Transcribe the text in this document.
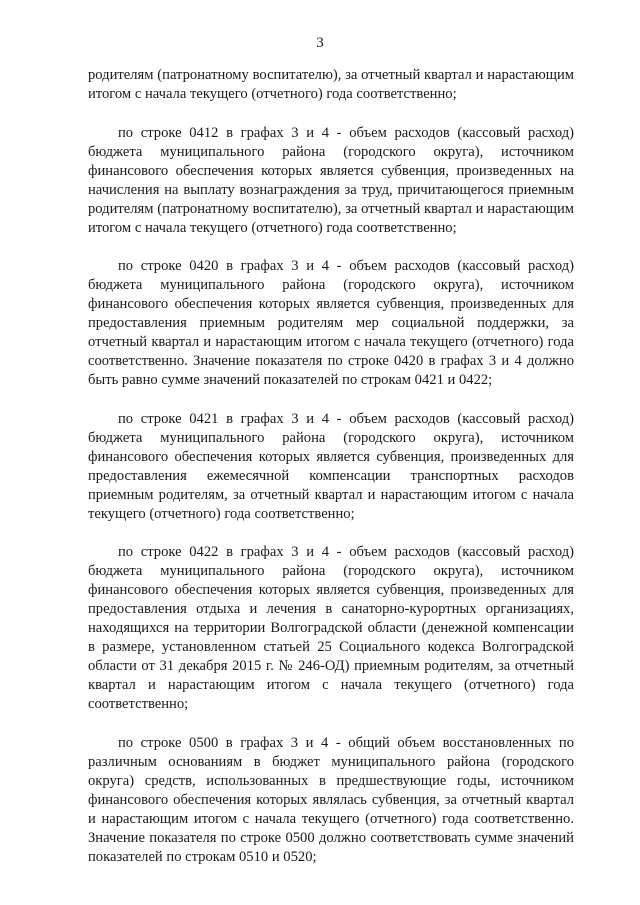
3

родителям (патронатному воспитателю), за отчетный квартал и нарастающим итогом с начала текущего (отчетного) года соответственно;

по строке 0412 в графах 3 и 4 - объем расходов (кассовый расход) бюджета муниципального района (городского округа), источником финансового обеспечения которых является субвенция, произведенных на начисления на выплату вознаграждения за труд, причитающегося приемным родителям (патронатному воспитателю), за отчетный квартал и нарастающим итогом с начала текущего (отчетного) года соответственно;

по строке 0420 в графах 3 и 4 - объем расходов (кассовый расход) бюджета муниципального района (городского округа), источником финансового обеспечения которых является субвенция, произведенных для предоставления приемным родителям мер социальной поддержки, за отчетный квартал и нарастающим итогом с начала текущего (отчетного) года соответственно. Значение показателя по строке 0420 в графах 3 и 4 должно быть равно сумме значений показателей по строкам 0421 и 0422;

по строке 0421 в графах 3 и 4 - объем расходов (кассовый расход) бюджета муниципального района (городского округа), источником финансового обеспечения которых является субвенция, произведенных для предоставления ежемесячной компенсации транспортных расходов приемным родителям, за отчетный квартал и нарастающим итогом с начала текущего (отчетного) года соответственно;

по строке 0422 в графах 3 и 4 - объем расходов (кассовый расход) бюджета муниципального района (городского округа), источником финансового обеспечения которых является субвенция, произведенных для предоставления отдыха и лечения в санаторно-курортных организациях, находящихся на территории Волгоградской области (денежной компенсации в размере, установленном статьей 25 Социального кодекса Волгоградской области от 31 декабря 2015 г. № 246-ОД) приемным родителям, за отчетный квартал и нарастающим итогом с начала текущего (отчетного) года соответственно;

по строке 0500 в графах 3 и 4 - общий объем восстановленных по различным основаниям в бюджет муниципального района (городского округа) средств, использованных в предшествующие годы, источником финансового обеспечения которых являлась субвенция, за отчетный квартал и нарастающим итогом с начала текущего (отчетного) года соответственно. Значение показателя по строке 0500 должно соответствовать сумме значений показателей по строкам 0510 и 0520;
